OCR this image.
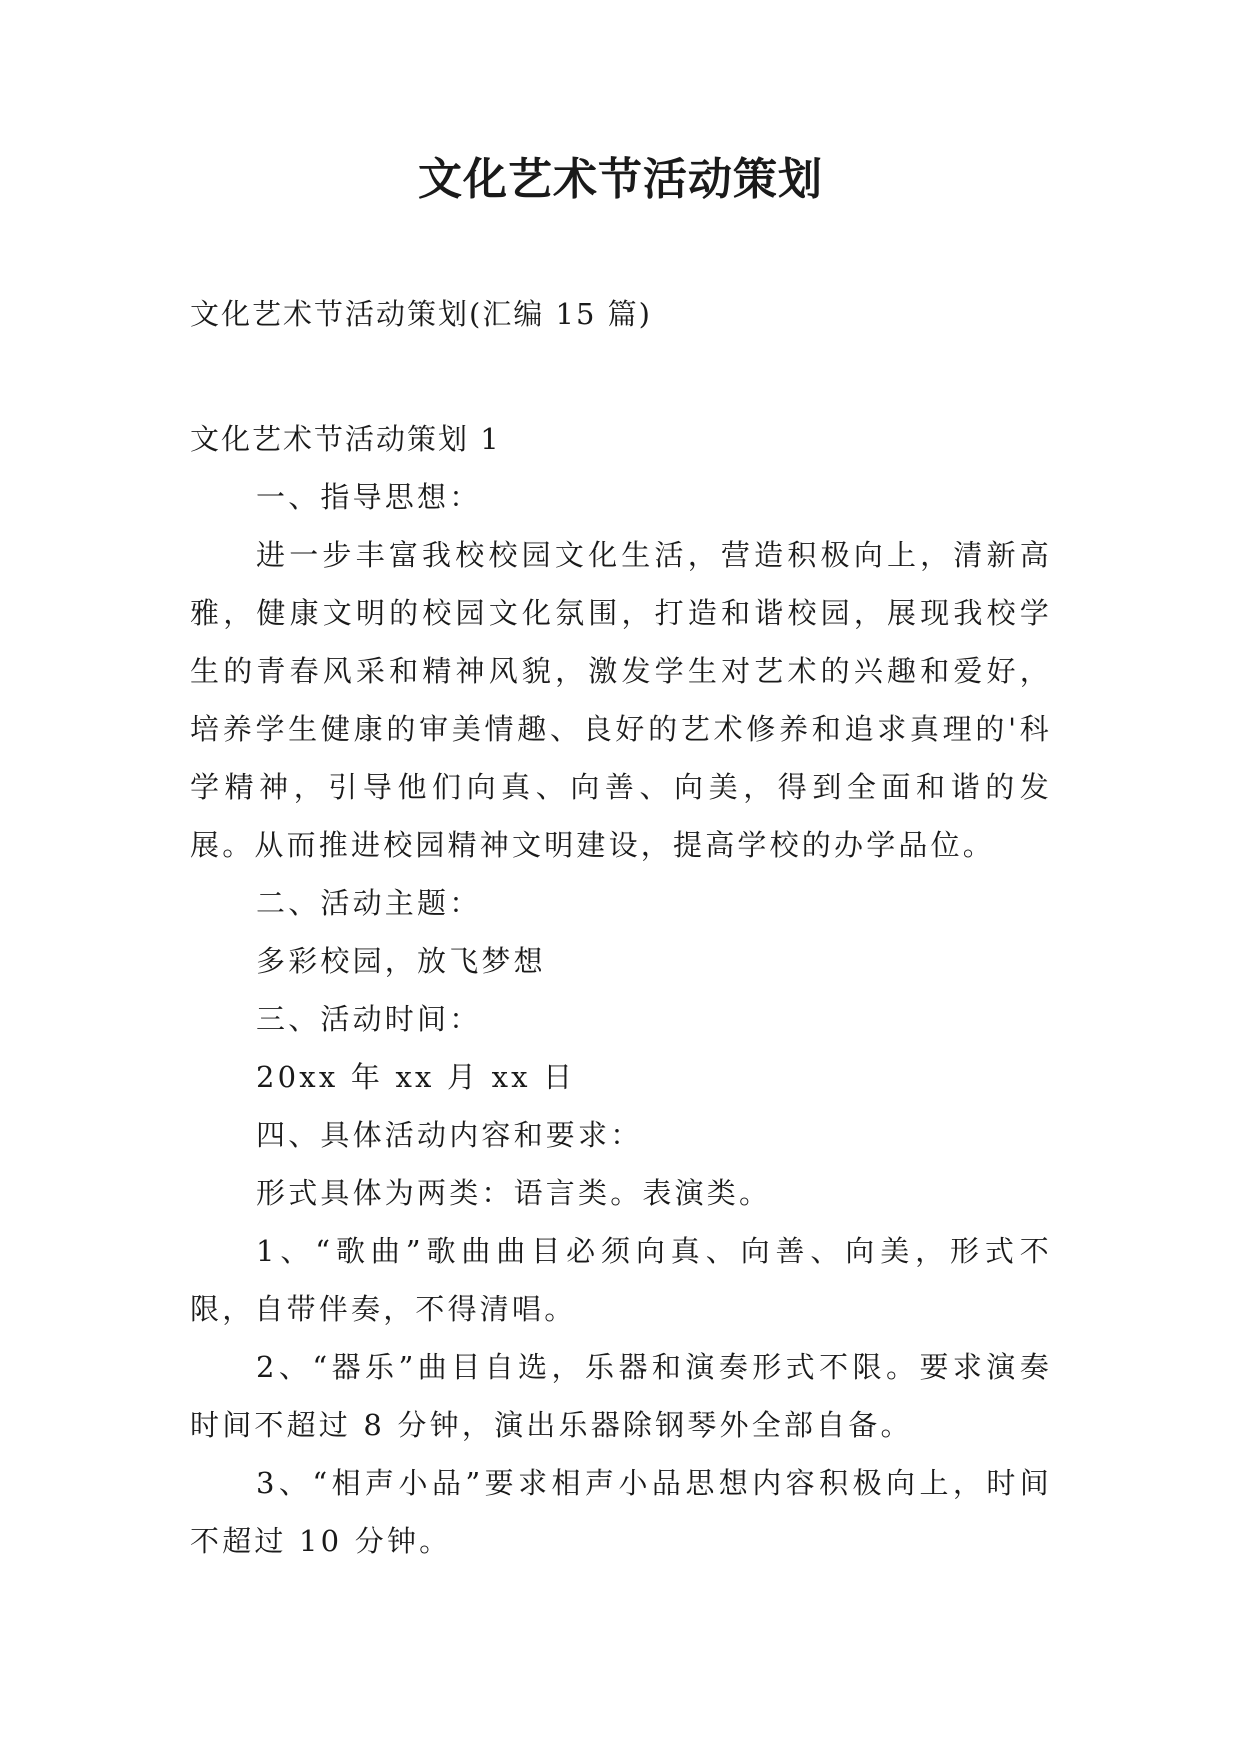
文化艺术节活动策划
文化艺术节活动策划(汇编 15 篇)

文化艺术节活动策划 1

一、指导思想：

进一步丰富我校校园文化生活，营造积极向上，清新高雅，健康文明的校园文化氛围，打造和谐校园，展现我校学生的青春风采和精神风貌，激发学生对艺术的兴趣和爱好，培养学生健康的审美情趣、良好的艺术修养和追求真理的'科学精神，引导他们向真、向善、向美，得到全面和谐的发展。从而推进校园精神文明建设，提高学校的办学品位。

二、活动主题：

多彩校园，放飞梦想

三、活动时间：

20xx 年 xx 月 xx 日

四、具体活动内容和要求：

形式具体为两类：语言类。表演类。

1、“歌曲”歌曲曲目必须向真、向善、向美，形式不限，自带伴奏，不得清唱。

2、“器乐”曲目自选，乐器和演奏形式不限。要求演奏时间不超过 8 分钟，演出乐器除钢琴外全部自备。

3、“相声小品”要求相声小品思想内容积极向上，时间不超过 10 分钟。
